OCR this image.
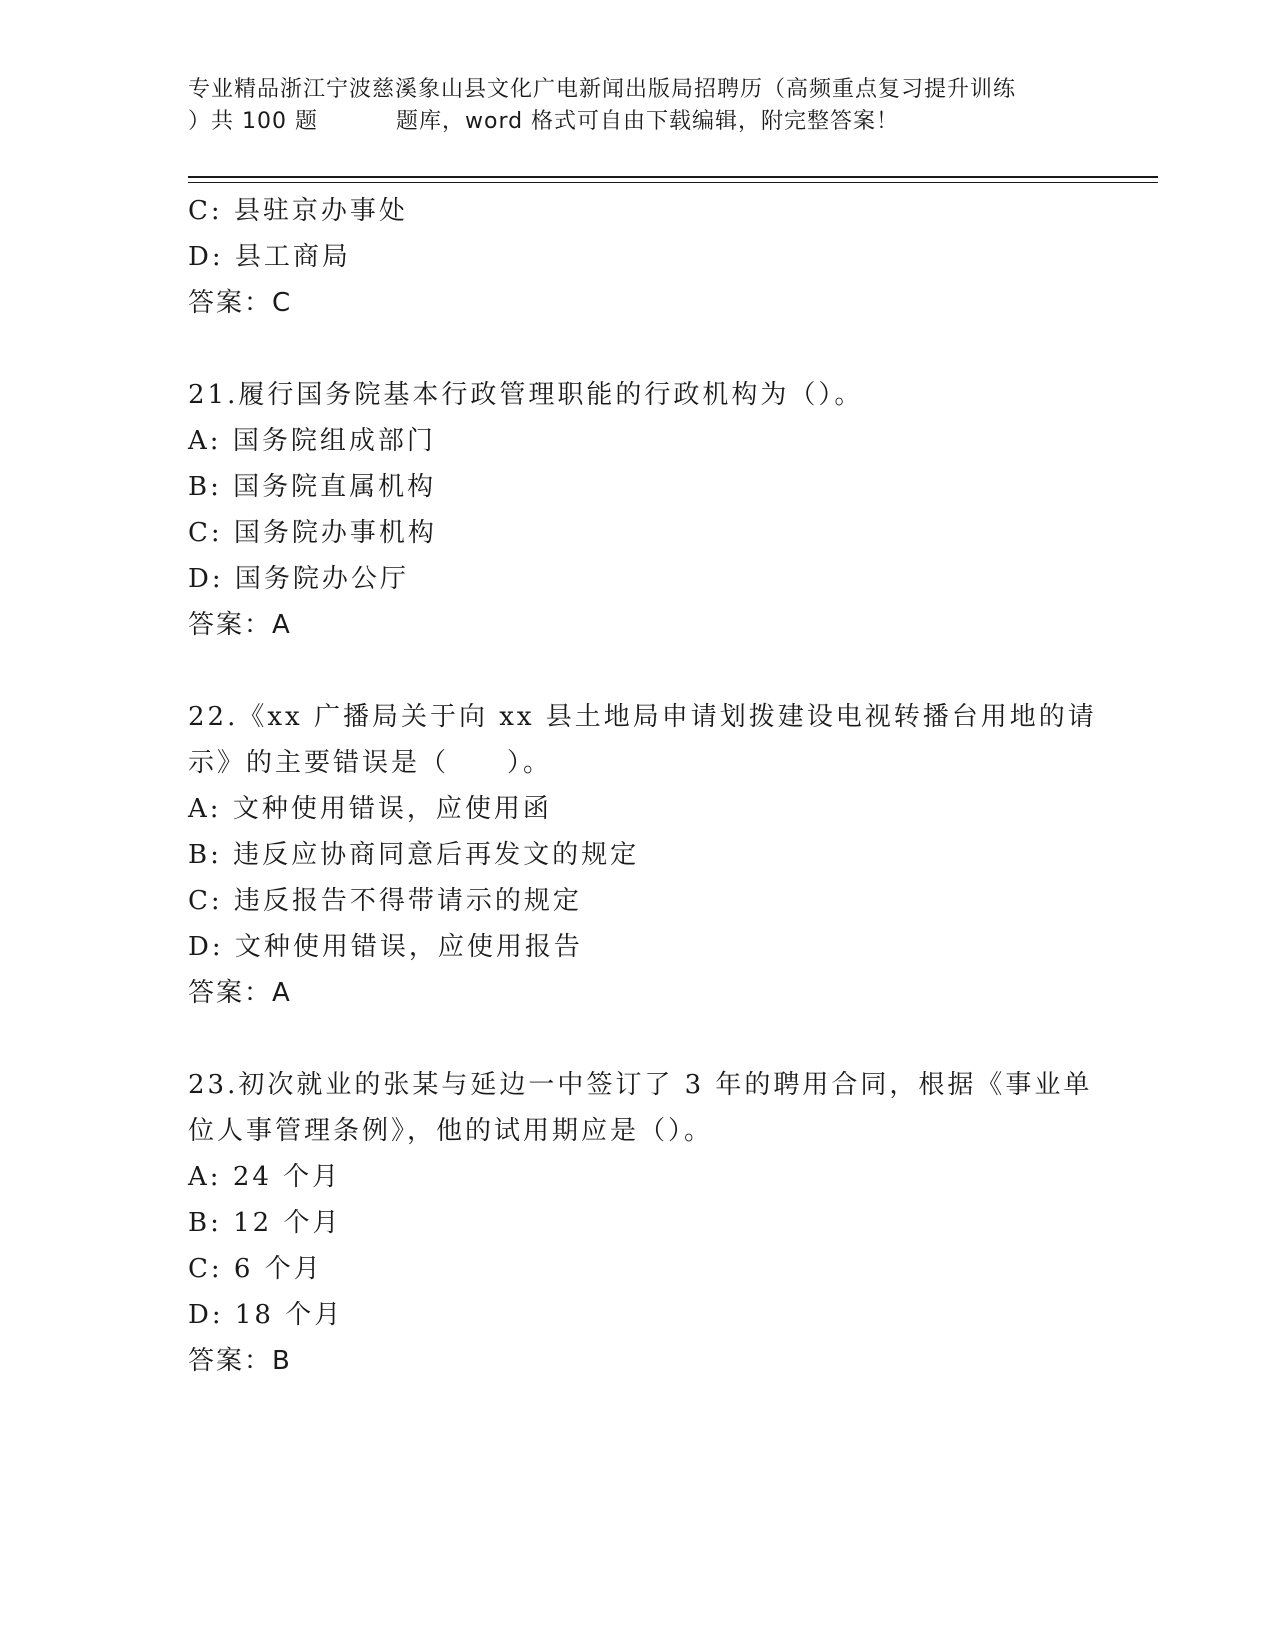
专业精品浙江宁波慈溪象山县文化广电新闻出版局招聘历（高频重点复习提升训练
）共 100 题	题库，word 格式可自由下载编辑，附完整答案！
C: 县驻京办事处
D: 县工商局
答案：C
21.履行国务院基本行政管理职能的行政机构为（）。
A: 国务院组成部门
B: 国务院直属机构
C: 国务院办事机构
D: 国务院办公厅
答案：A
22.《xx 广播局关于向 xx 县土地局申请划拨建设电视转播台用地的请
示》的主要错误是（　　）。
A: 文种使用错误，应使用函
B: 违反应协商同意后再发文的规定
C: 违反报告不得带请示的规定
D: 文种使用错误，应使用报告
答案：A
23.初次就业的张某与延边一中签订了 3 年的聘用合同，根据《事业单
位人事管理条例》，他的试用期应是（）。
A: 24 个月
B: 12 个月
C: 6 个月
D: 18 个月
答案：B
